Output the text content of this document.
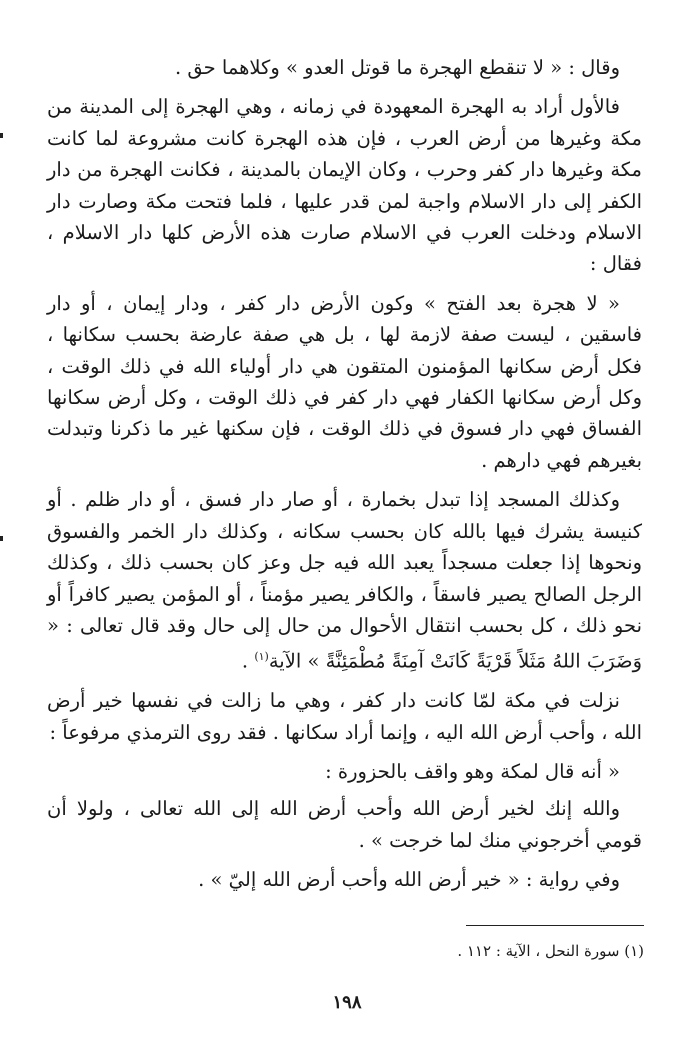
وقال : « لا تنقطع الهجرة ما قوتل العدو » وكلاهما حق .

فالأول أراد به الهجرة المعهودة في زمانه ، وهي الهجرة إلى المدينة من مكة وغيرها من أرض العرب ، فإن هذه الهجرة كانت مشروعة لما كانت مكة وغيرها دار كفر وحرب ، وكان الإيمان بالمدينة ، فكانت الهجرة من دار الكفر إلى دار الاسلام واجبة لمن قدر عليها ، فلما فتحت مكة وصارت دار الاسلام ودخلت العرب في الاسلام صارت هذه الأرض كلها دار الاسلام ، فقال :

« لا هجرة بعد الفتح » وكون الأرض دار كفر ، ودار إيمان ، أو دار فاسقين ، ليست صفة لازمة لها ، بل هي صفة عارضة بحسب سكانها ، فكل أرض سكانها المؤمنون المتقون هي دار أولياء الله في ذلك الوقت ، وكل أرض سكانها الكفار فهي دار كفر في ذلك الوقت ، وكل أرض سكانها الفساق فهي دار فسوق في ذلك الوقت ، فإن سكنها غير ما ذكرنا وتبدلت بغيرهم فهي دارهم .

وكذلك المسجد إذا تبدل بخمارة ، أو صار دار فسق ، أو دار ظلم . أو كنيسة يشرك فيها بالله كان بحسب سكانه ، وكذلك دار الخمر والفسوق ونحوها إذا جعلت مسجداً يعبد الله فيه جل وعز كان بحسب ذلك ، وكذلك الرجل الصالح يصير فاسقاً ، والكافر يصير مؤمناً ، أو المؤمن يصير كافراً أو نحو ذلك ، كل بحسب انتقال الأحوال من حال إلى حال وقد قال تعالى : « وَضَرَبَ اللهُ مَثَلاً قَرْيَةً كَانَتْ آمِنَةً مُطْمَئِنَّةً » الآية$^{(١)}$ .

نزلت في مكة لمّا كانت دار كفر ، وهي ما زالت في نفسها خير أرض الله ، وأحب أرض الله اليه ، وإنما أراد سكانها . فقد روى الترمذي مرفوعاً :

« أنه قال لمكة وهو واقف بالحزورة :

والله إنك لخير أرض الله وأحب أرض الله إلى الله تعالى ، ولولا أن قومي أخرجوني منك لما خرجت » .

وفي رواية : « خير أرض الله وأحب أرض الله إليّ » .

(١) سورة النحل ، الآية : ١١٢ .
١٩٨
